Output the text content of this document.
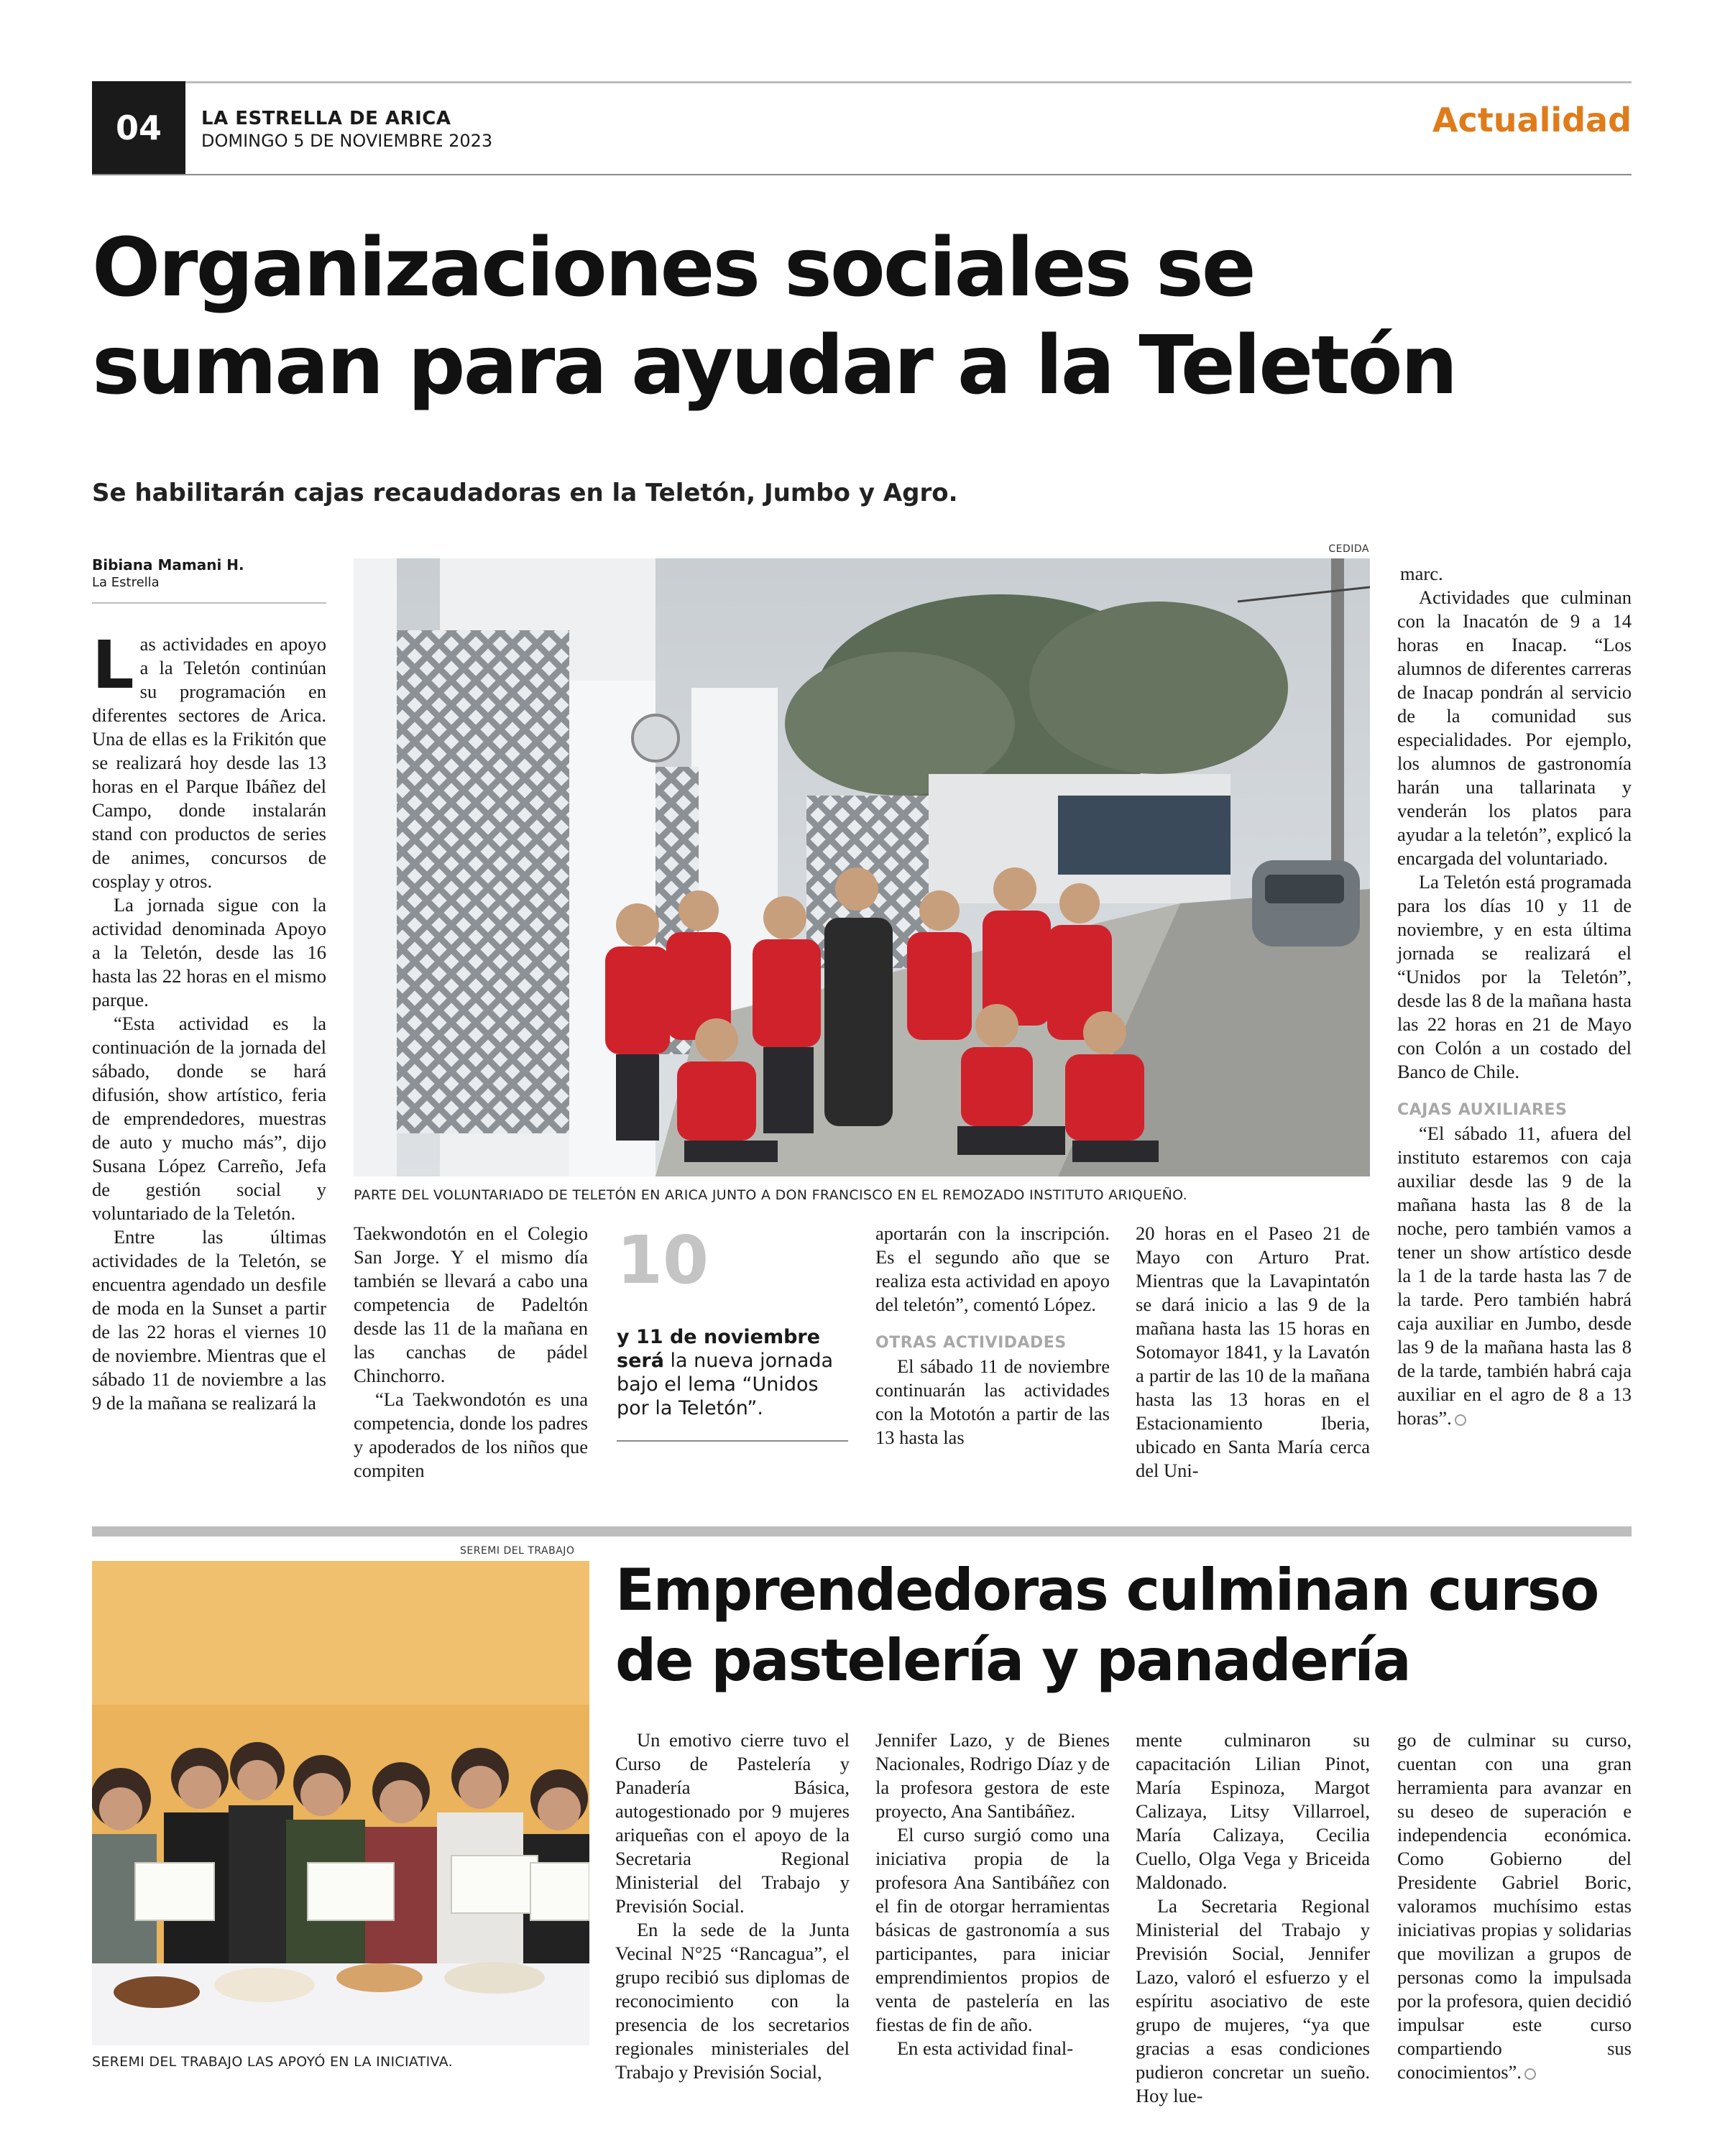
04	LA ESTRELLA DE ARICA
DOMINGO 5 DE NOVIEMBRE 2023
Actualidad
Organizaciones sociales se
suman para ayudar a la Teletón
Se habilitarán cajas recaudadoras en la Teletón, Jumbo y Agro.
Bibiana Mamani H.
La Estrella

Las actividades en apoyo a la Teletón continúan su programación en diferentes sectores de Arica. Una de ellas es la Frikitón que se realizará hoy desde las 13 horas en el Parque Ibáñez del Campo, donde instalarán stand con productos de series de animes, concursos de cosplay y otros.

La jornada sigue con la actividad denominada Apoyo a la Teletón, desde las 16 hasta las 22 horas en el mismo parque.

“Esta actividad es la continuación de la jornada del sábado, donde se hará difusión, show artístico, feria de emprendedores, muestras de auto y mucho más”, dijo Susana López Carreño, Jefa de gestión social y voluntariado de la Teletón.

Entre las últimas actividades de la Teletón, se encuentra agendado un desfile de moda en la Sunset a partir de las 22 horas el viernes 10 de noviembre. Mientras que el sábado 11 de noviembre a las 9 de la mañana se realizará la

CEDIDA
PARTE DEL VOLUNTARIADO DE TELETÓN EN ARICA JUNTO A DON FRANCISCO EN EL REMOZADO INSTITUTO ARIQUEÑO.

Taekwondotón en el Colegio San Jorge. Y el mismo día también se llevará a cabo una competencia de Padeltón desde las 11 de la mañana en las canchas de pádel Chinchorro.

“La Taekwondotón es una competencia, donde los padres y apoderados de los niños que compiten

10
y 11 de noviembre será la nueva jornada bajo el lema “Unidos por la Teletón”.

aportarán con la inscripción. Es el segundo año que se realiza esta actividad en apoyo del teletón”, comentó López.

OTRAS ACTIVIDADES

El sábado 11 de noviembre continuarán las actividades con la Mototón a partir de las 13 hasta las

20 horas en el Paseo 21 de Mayo con Arturo Prat. Mientras que la Lavapintatón se dará inicio a las 9 de la mañana hasta las 15 horas en Sotomayor 1841, y la Lavatón a partir de las 10 de la mañana hasta las 13 horas en el Estacionamiento Iberia, ubicado en Santa María cerca del Uni-

marc.

Actividades que culminan con la Inacatón de 9 a 14 horas en Inacap. “Los alumnos de diferentes carreras de Inacap pondrán al servicio de la comunidad sus especialidades. Por ejemplo, los alumnos de gastronomía harán una tallarinata y venderán los platos para ayudar a la teletón”, explicó la encargada del voluntariado.

La Teletón está programada para los días 10 y 11 de noviembre, y en esta última jornada se realizará el “Unidos por la Teletón”, desde las 8 de la mañana hasta las 22 horas en 21 de Mayo con Colón a un costado del Banco de Chile.

CAJAS AUXILIARES

“El sábado 11, afuera del instituto estaremos con caja auxiliar desde las 9 de la mañana hasta las 8 de la noche, pero también vamos a tener un show artístico desde la 1 de la tarde hasta las 7 de la tarde. Pero también habrá caja auxiliar en Jumbo, desde las 9 de la mañana hasta las 8 de la tarde, también habrá caja auxiliar en el agro de 8 a 13 horas”.

SEREMI DEL TRABAJO
SEREMI DEL TRABAJO LAS APOYÓ EN LA INICIATIVA.
Emprendedoras culminan curso
de pastelería y panadería

Un emotivo cierre tuvo el Curso de Pastelería y Panadería Básica, autogestionado por 9 mujeres ariqueñas con el apoyo de la Secretaria Regional Ministerial del Trabajo y Previsión Social.

En la sede de la Junta Vecinal N°25 “Rancagua”, el grupo recibió sus diplomas de reconocimiento con la presencia de los secretarios regionales ministeriales del Trabajo y Previsión Social,

Jennifer Lazo, y de Bienes Nacionales, Rodrigo Díaz y de la profesora gestora de este proyecto, Ana Santibáñez.

El curso surgió como una iniciativa propia de la profesora Ana Santibáñez con el fin de otorgar herramientas básicas de gastronomía a sus participantes, para iniciar emprendimientos propios de venta de pastelería en las fiestas de fin de año.

En esta actividad final-

mente culminaron su capacitación Lilian Pinot, María Espinoza, Margot Calizaya, Litsy Villarroel, María Calizaya, Cecilia Cuello, Olga Vega y Briceida Maldonado.

La Secretaria Regional Ministerial del Trabajo y Previsión Social, Jennifer Lazo, valoró el esfuerzo y el espíritu asociativo de este grupo de mujeres, “ya que gracias a esas condiciones pudieron concretar un sueño. Hoy lue-

go de culminar su curso, cuentan con una gran herramienta para avanzar en su deseo de superación e independencia económica. Como Gobierno del Presidente Gabriel Boric, valoramos muchísimo estas iniciativas propias y solidarias que movilizan a grupos de personas como la impulsada por la profesora, quien decidió impulsar este curso compartiendo sus conocimientos”.
